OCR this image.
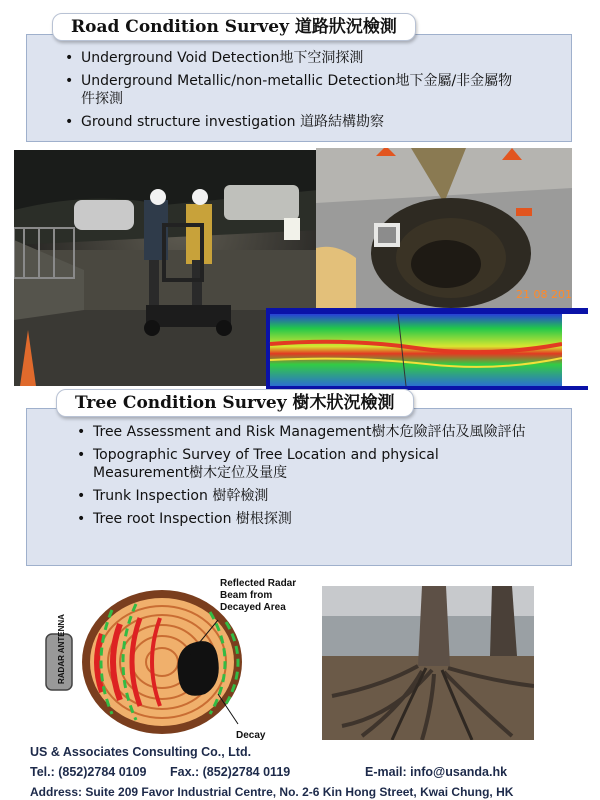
• Underground Void Detection地下空洞探測
• Underground Metallic/non-metallic Detection地下金屬/非金屬物件探測
• Ground structure investigation 道路結構勘察
Road Condition Survey 道路狀況檢測
21 08 201
• Tree Assessment and Risk Management樹木危險評估及風險評估
• Topographic Survey of Tree Location and physical Measurement樹木定位及量度
• Trunk Inspection 樹幹檢測
• Tree root Inspection 樹根探測
Tree Condition Survey 樹木狀況檢測
RADAR ANTENNA
Decay
Reflected Radar Beam from Decayed Area
US & Associates Consulting Co., Ltd.
Tel.: (852)2784 0109 Fax.: (852)2784 0119	E-mail: info@usanda.hk
Address: Suite 209 Favor Industrial Centre, No. 2-6 Kin Hong Street, Kwai Chung, HK
